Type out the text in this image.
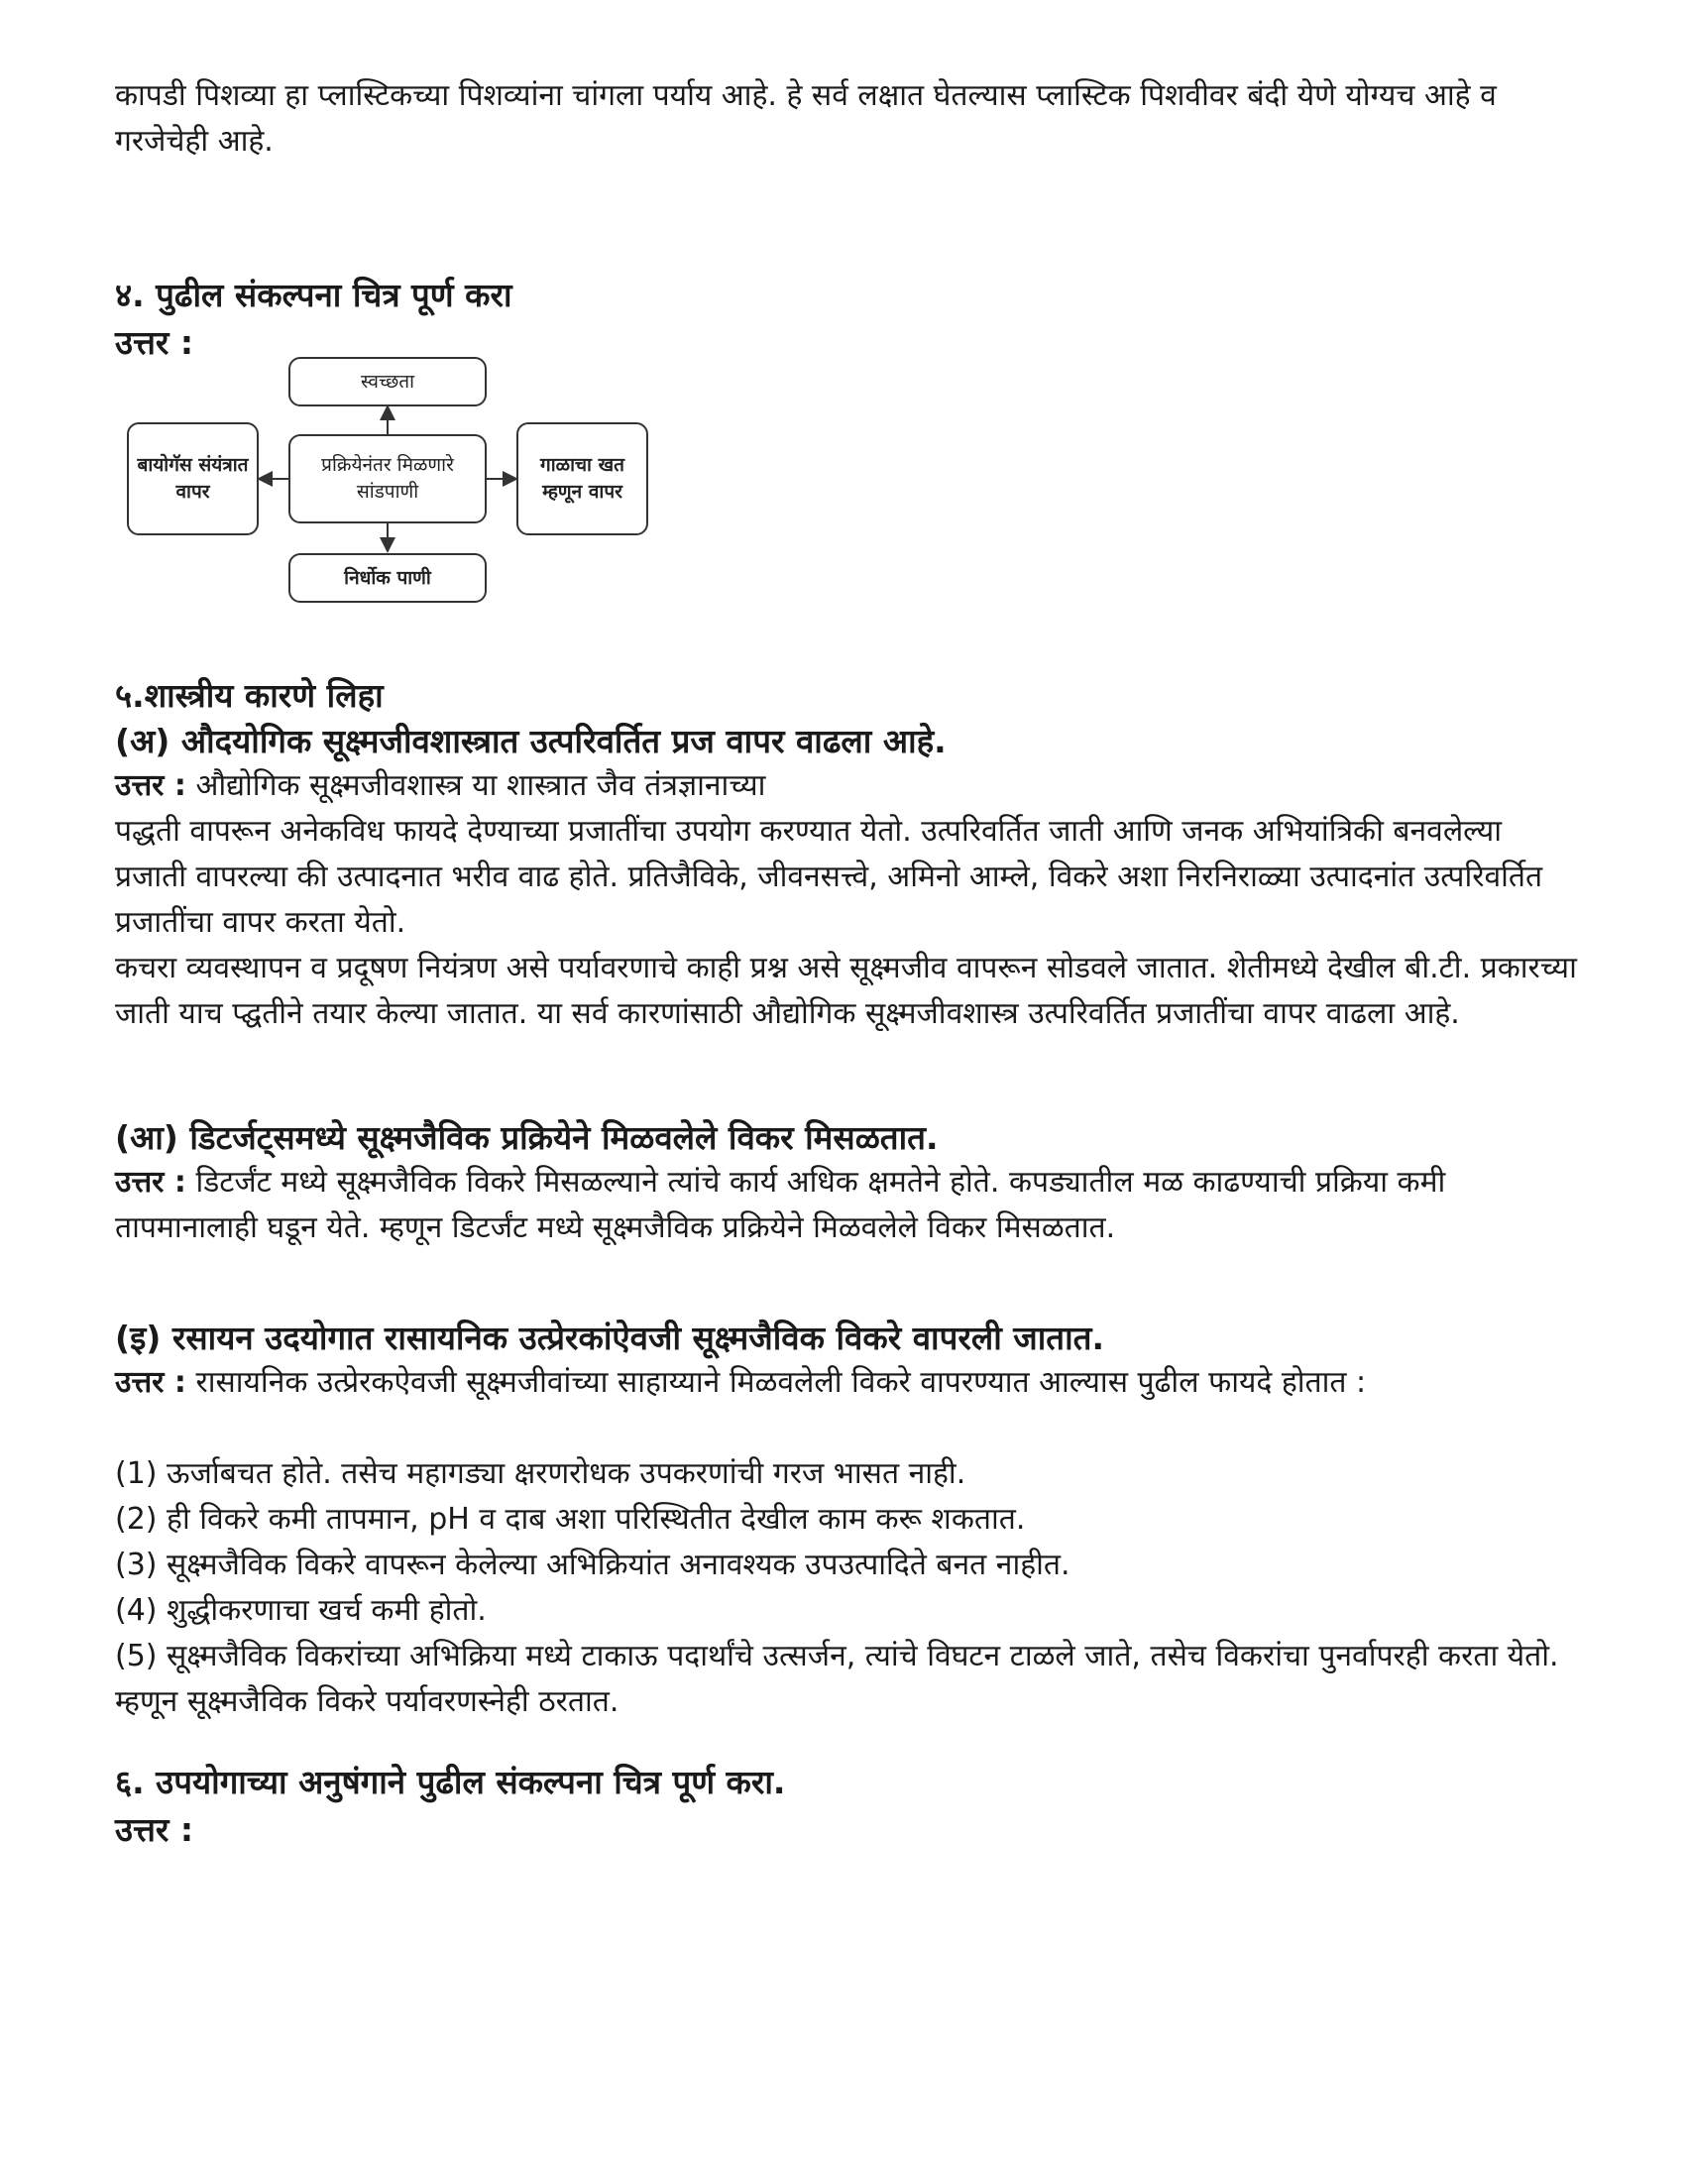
कापडी पिशव्या हा प्लास्टिकच्या पिशव्यांना चांगला पर्याय आहे. हे सर्व लक्षात घेतल्यास प्लास्टिक पिशवीवर बंदी येणे योग्यच आहे व गरजेचेही आहे.

४. पुढील संकल्पना चित्र पूर्ण करा

उत्तर :

प्रक्रियेनंतर मिळणारे सांडपाणी
स्वच्छता
बायोगॅस संयंत्रात वापर
गाळाचा खत म्हणून वापर
निर्धोक पाणी
५.शास्त्रीय कारणे लिहा

(अ) औदयोगिक सूक्ष्मजीवशास्त्रात उत्परिवर्तित प्रज वापर वाढला आहे.

उत्तर : औद्योगिक सूक्ष्मजीवशास्त्र या शास्त्रात जैव तंत्रज्ञानाच्या

पद्धती वापरून अनेकविध फायदे देण्याच्या प्रजातींचा उपयोग करण्यात येतो. उत्परिवर्तित जाती आणि जनक अभियांत्रिकी बनवलेल्या प्रजाती वापरल्या की उत्पादनात भरीव वाढ होते. प्रतिजैविके, जीवनसत्त्वे, अमिनो आम्ले, विकरे अशा निरनिराळ्या उत्पादनांत उत्परिवर्तित प्रजातींचा वापर करता येतो.

कचरा व्यवस्थापन व प्रदूषण नियंत्रण असे पर्यावरणाचे काही प्रश्न असे सूक्ष्मजीव वापरून सोडवले जातात. शेतीमध्ये देखील बी.टी. प्रकारच्या जाती याच प्द्घतीने तयार केल्या जातात. या सर्व कारणांसाठी औद्योगिक सूक्ष्मजीवशास्त्र उत्परिवर्तित प्रजातींचा वापर वाढला आहे.

(आ) डिटर्जट्समध्ये सूक्ष्मजैविक प्रक्रियेने मिळवलेले विकर मिसळतात.

उत्तर : डिटर्जंट मध्ये सूक्ष्मजैविक विकरे मिसळल्याने त्यांचे कार्य अधिक क्षमतेने होते. कपड्यातील मळ काढण्याची प्रक्रिया कमी तापमानालाही घडून येते. म्हणून डिटर्जंट मध्ये सूक्ष्मजैविक प्रक्रियेने मिळवलेले विकर मिसळतात.

(इ) रसायन उदयोगात रासायनिक उत्प्रेरकांऐवजी सूक्ष्मजैविक विकरे वापरली जातात.

उत्तर : रासायनिक उत्प्रेरकऐवजी सूक्ष्मजीवांच्या साहाय्याने मिळवलेली विकरे वापरण्यात आल्यास पुढील फायदे होतात :

(1) ऊर्जाबचत होते. तसेच महागड्या क्षरणरोधक उपकरणांची गरज भासत नाही.

(2) ही विकरे कमी तापमान, pH व दाब अशा परिस्थितीत देखील काम करू शकतात.

(3) सूक्ष्मजैविक विकरे वापरून केलेल्या अभिक्रियांत अनावश्यक उपउत्पादिते बनत नाहीत.

(4) शुद्धीकरणाचा खर्च कमी होतो.

(5) सूक्ष्मजैविक विकरांच्या अभिक्रिया मध्ये टाकाऊ पदार्थांचे उत्सर्जन, त्यांचे विघटन टाळले जाते, तसेच विकरांचा पुनर्वापरही करता येतो. म्हणून सूक्ष्मजैविक विकरे पर्यावरणस्नेही ठरतात.

६. उपयोगाच्या अनुषंगाने पुढील संकल्पना चित्र पूर्ण करा.

उत्तर :
